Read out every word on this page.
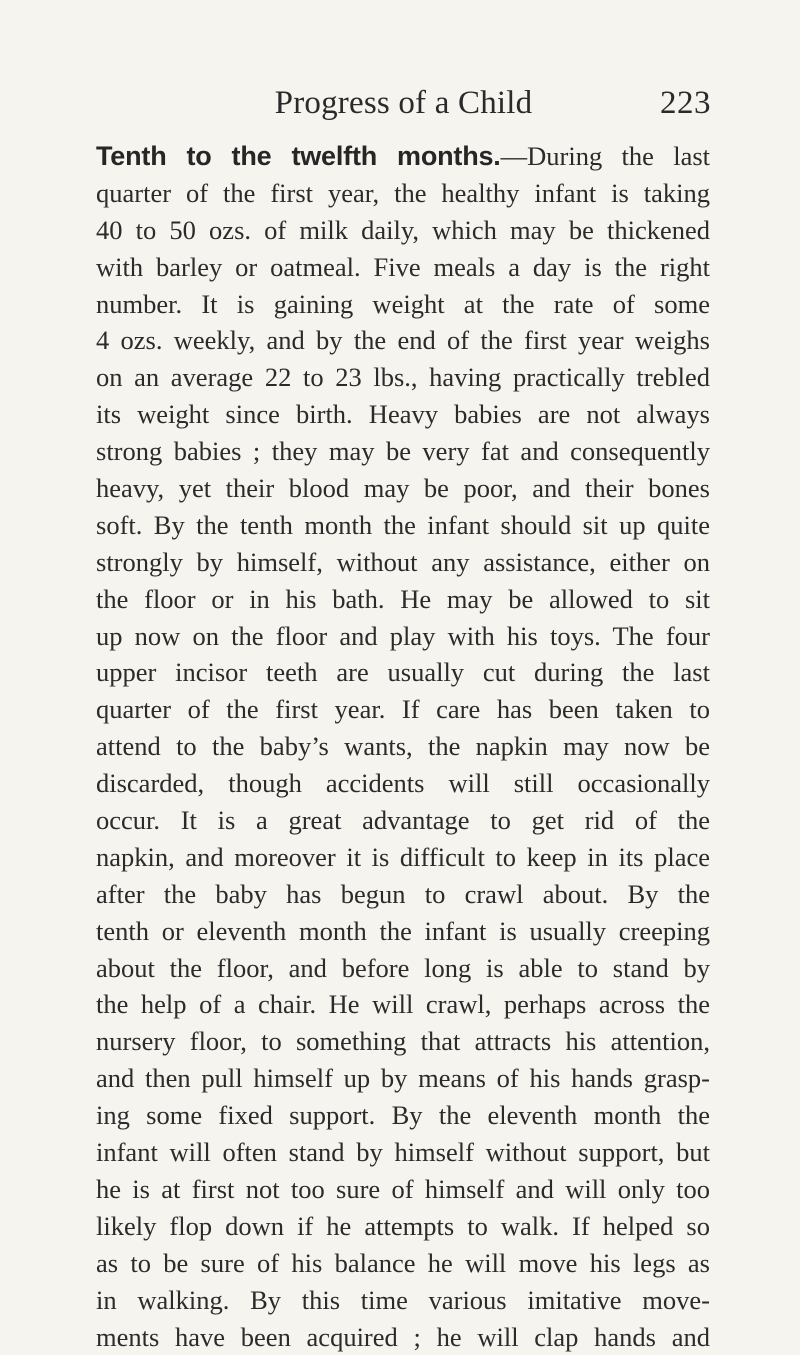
Progress of a Child	223
Tenth to the twelfth months.—During the last
quarter of the first year, the healthy infant is taking
40 to 50 ozs. of milk daily, which may be thickened
with barley or oatmeal. Five meals a day is the right
number. It is gaining weight at the rate of some
4 ozs. weekly, and by the end of the first year weighs
on an average 22 to 23 lbs., having practically trebled
its weight since birth. Heavy babies are not always
strong babies ; they may be very fat and consequently
heavy, yet their blood may be poor, and their bones
soft. By the tenth month the infant should sit up quite
strongly by himself, without any assistance, either on
the floor or in his bath. He may be allowed to sit
up now on the floor and play with his toys. The four
upper incisor teeth are usually cut during the last
quarter of the first year. If care has been taken to
attend to the baby’s wants, the napkin may now be
discarded, though accidents will still occasionally
occur. It is a great advantage to get rid of the
napkin, and moreover it is difficult to keep in its place
after the baby has begun to crawl about. By the
tenth or eleventh month the infant is usually creeping
about the floor, and before long is able to stand by
the help of a chair. He will crawl, perhaps across the
nursery floor, to something that attracts his attention,
and then pull himself up by means of his hands grasp-
ing some fixed support. By the eleventh month the
infant will often stand by himself without support, but
he is at first not too sure of himself and will only too
likely flop down if he attempts to walk. If helped so
as to be sure of his balance he will move his legs as
in walking. By this time various imitative move-
ments have been acquired ; he will clap hands and
